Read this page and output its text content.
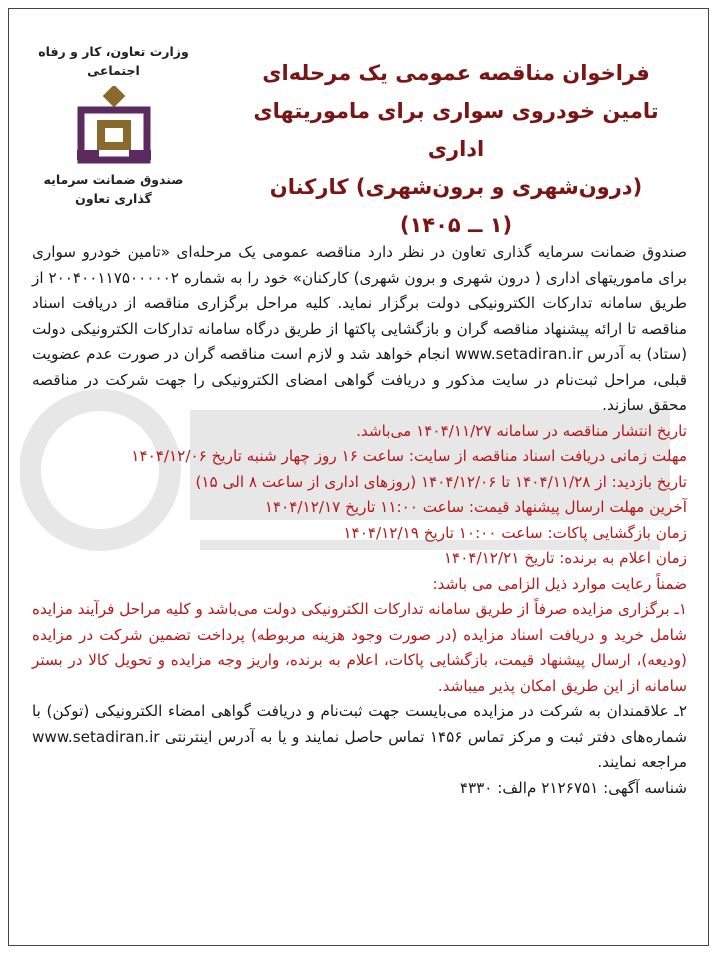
وزارت تعاون، کار و رفاه اجتماعی
صندوق ضمانت سرمایه گذاری تعاون
فراخوان مناقصه عمومی یک مرحله‌ای
تامین خودروی سواری برای ماموریتهای اداری
(درون‌شهری و برون‌شهری) کارکنان
(۱ ــ ۱۴۰۵)

صندوق ضمانت سرمایه گذاری تعاون در نظر دارد مناقصه عمومی یک مرحله‌ای «تامین خودرو سواری برای ماموریتهای اداری ( درون شهری و برون شهری) کارکنان» خود را به شماره ۲۰۰۴۰۰۱۱۷۵۰۰۰۰۰۲ از طریق سامانه تدارکات الکترونیکی دولت برگزار نماید. کلیه مراحل برگزاری مناقصه از دریافت اسناد مناقصه تا ارائه پیشنهاد مناقصه گران و بازگشایی پاکتها از طریق درگاه سامانه تدارکات الکترونیکی دولت (ستاد) به آدرس www.setadiran.ir انجام خواهد شد و لازم است مناقصه گران در صورت عدم عضویت قبلی، مراحل ثبت‌نام در سایت مذکور و دریافت گواهی امضای الکترونیکی را جهت شرکت در مناقصه محقق سازند.

تاریخ انتشار مناقصه در سامانه ۱۴۰۴/۱۱/۲۷ می‌باشد.

مهلت زمانی دریافت اسناد مناقصه از سایت: ساعت ۱۶ روز چهار شنبه تاریخ ۱۴۰۴/۱۲/۰۶

تاریخ بازدید: از ۱۴۰۴/۱۱/۲۸ تا ۱۴۰۴/۱۲/۰۶ (روزهای اداری از ساعت ۸ الی ۱۵)

آخرین مهلت ارسال پیشنهاد قیمت: ساعت ۱۱:۰۰ تاریخ ۱۴۰۴/۱۲/۱۷

زمان بازگشایی پاکات: ساعت ۱۰:۰۰ تاریخ ۱۴۰۴/۱۲/۱۹

زمان اعلام به برنده: تاریخ ۱۴۰۴/۱۲/۲۱

ضمناً رعایت موارد ذیل الزامی می باشد:

۱ـ برگزاری مزایده صرفاً از طریق سامانه تدارکات الکترونیکی دولت می‌باشد و کلیه مراحل فرآیند مزایده شامل خرید و دریافت اسناد مزایده (در صورت وجود هزینه مربوطه) پرداخت تضمین شرکت در مزایده (ودیعه)، ارسال پیشنهاد قیمت، بازگشایی پاکات، اعلام به برنده، واریز وجه مزایده و تحویل کالا در بستر سامانه از این طریق امکان پذیر میباشد.

۲ـ علاقمندان به شرکت در مزایده می‌بایست جهت ثبت‌نام و دریافت گواهی امضاء الکترونیکی (توکن) با شماره‌های دفتر ثبت و مرکز تماس ۱۴۵۶ تماس حاصل نمایند و یا به آدرس اینترنتی www.setadiran.ir مراجعه نمایند.

شناسه آگهی: ۲۱۲۶۷۵۱ م‌الف: ۴۳۳۰
